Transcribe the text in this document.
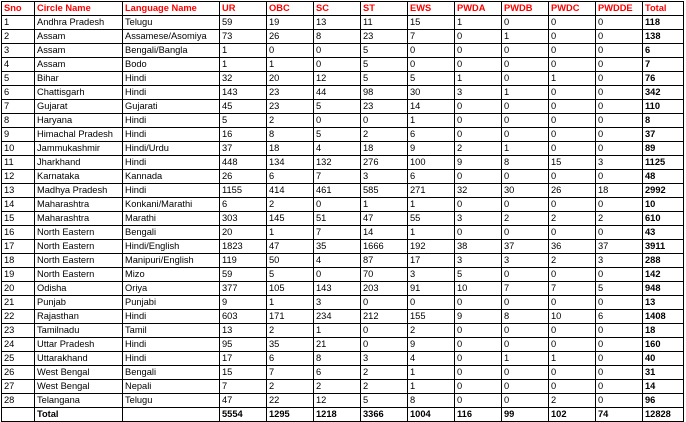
Sno	Circle Name	Language Name	UR	OBC	SC	ST	EWS	PWDA	PWDB	PWDC	PWDDE	Total
1	Andhra Pradesh	Telugu	59	19	13	11	15	1	0	0	0	118
2	Assam	Assamese/Asomiya	73	26	8	23	7	0	1	0	0	138
3	Assam	Bengali/Bangla	1	0	0	5	0	0	0	0	0	6
4	Assam	Bodo	1	1	0	5	0	0	0	0	0	7
5	Bihar	Hindi	32	20	12	5	5	1	0	1	0	76
6	Chattisgarh	Hindi	143	23	44	98	30	3	1	0	0	342
7	Gujarat	Gujarati	45	23	5	23	14	0	0	0	0	110
8	Haryana	Hindi	5	2	0	0	1	0	0	0	0	8
9	Himachal Pradesh	Hindi	16	8	5	2	6	0	0	0	0	37
10	Jammukashmir	Hindi/Urdu	37	18	4	18	9	2	1	0	0	89
11	Jharkhand	Hindi	448	134	132	276	100	9	8	15	3	1125
12	Karnataka	Kannada	26	6	7	3	6	0	0	0	0	48
13	Madhya Pradesh	Hindi	1155	414	461	585	271	32	30	26	18	2992
14	Maharashtra	Konkani/Marathi	6	2	0	1	1	0	0	0	0	10
15	Maharashtra	Marathi	303	145	51	47	55	3	2	2	2	610
16	North Eastern	Bengali	20	1	7	14	1	0	0	0	0	43
17	North Eastern	Hindi/English	1823	47	35	1666	192	38	37	36	37	3911
18	North Eastern	Manipuri/English	119	50	4	87	17	3	3	2	3	288
19	North Eastern	Mizo	59	5	0	70	3	5	0	0	0	142
20	Odisha	Oriya	377	105	143	203	91	10	7	7	5	948
21	Punjab	Punjabi	9	1	3	0	0	0	0	0	0	13
22	Rajasthan	Hindi	603	171	234	212	155	9	8	10	6	1408
23	Tamilnadu	Tamil	13	2	1	0	2	0	0	0	0	18
24	Uttar Pradesh	Hindi	95	35	21	0	9	0	0	0	0	160
25	Uttarakhand	Hindi	17	6	8	3	4	0	1	1	0	40
26	West Bengal	Bengali	15	7	6	2	1	0	0	0	0	31
27	West Bengal	Nepali	7	2	2	2	1	0	0	0	0	14
28	Telangana	Telugu	47	22	12	5	8	0	0	2	0	96
	Total		5554	1295	1218	3366	1004	116	99	102	74	12828
